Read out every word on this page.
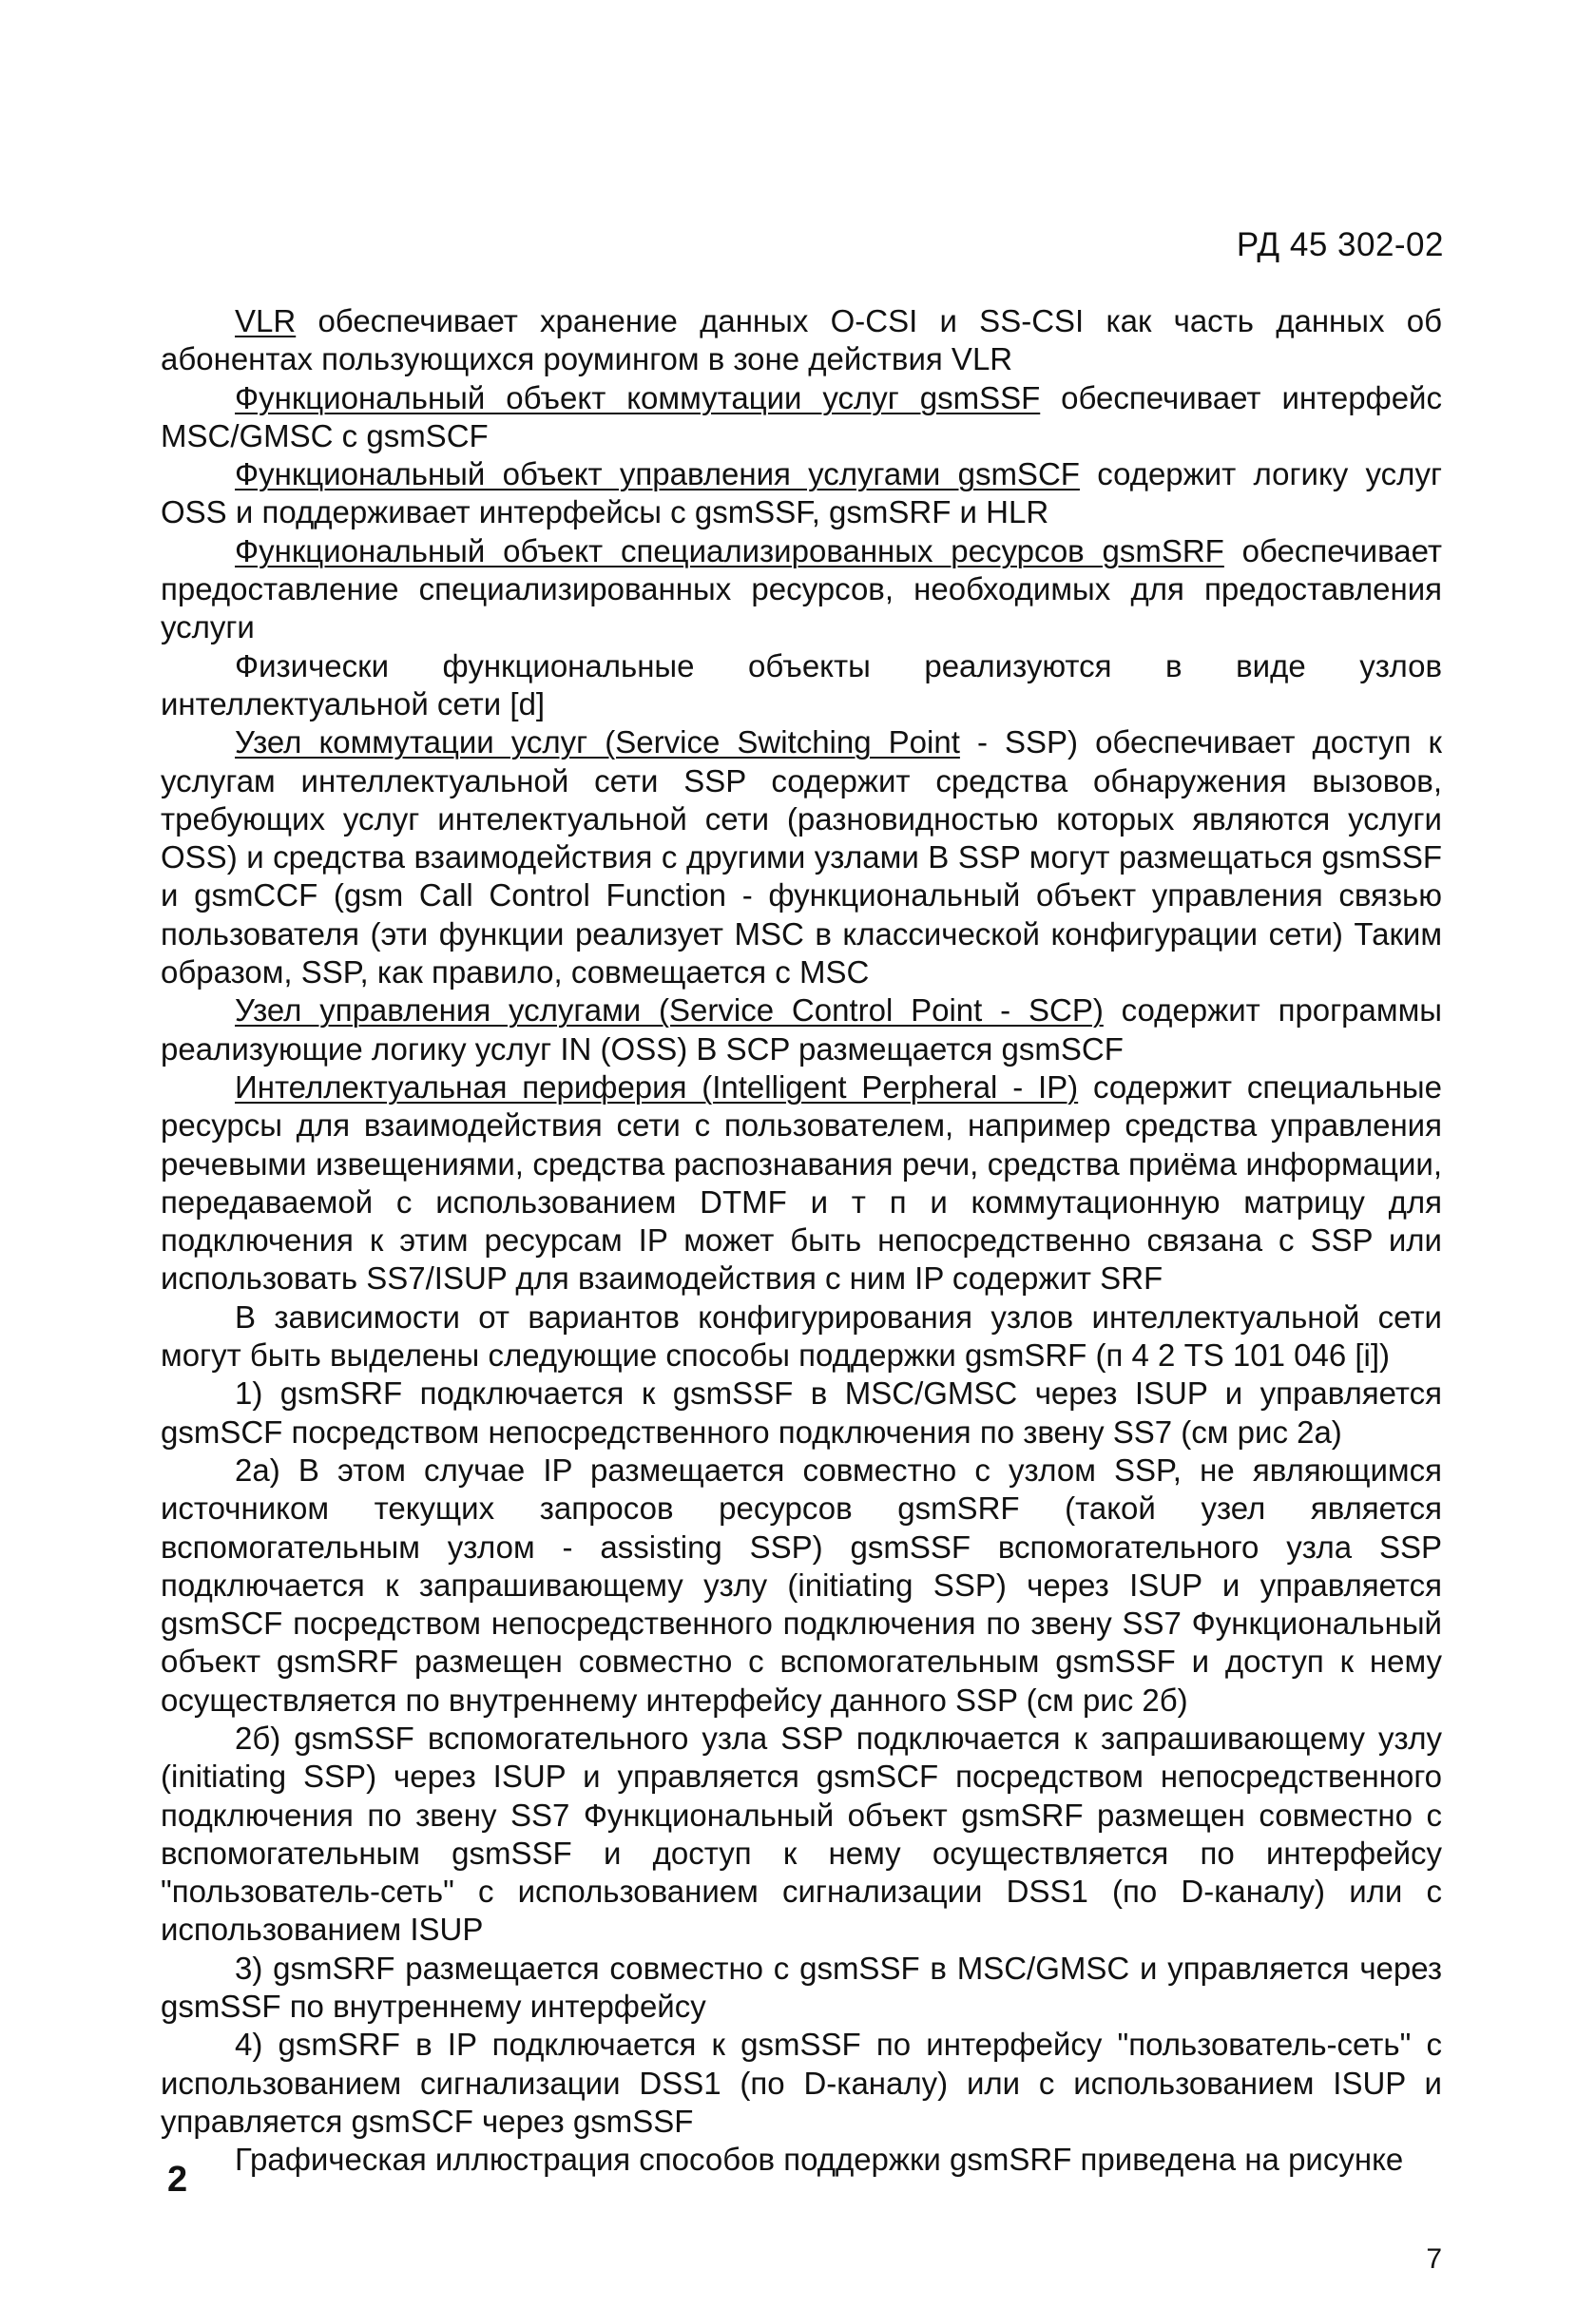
РД 45 302-02

VLR обеспечивает хранение данных O-CSI и SS-CSI как часть данных об абонентах пользующихся роумингом в зоне действия VLR

Функциональный объект коммутации услуг gsmSSF обеспечивает интерфейс MSC/GMSC с gsmSCF

Функциональный объект управления услугами gsmSCF содержит логику услуг OSS и поддерживает интерфейсы с gsmSSF, gsmSRF и HLR

Функциональный объект специализированных ресурсов gsmSRF обеспечивает предоставление специализированных ресурсов, необходимых для предоставления услуги

Физически функциональные объекты реализуются в виде узлов интеллектуальной сети [d]

Узел коммутации услуг (Service Switching Point - SSP) обеспечивает доступ к услугам интеллектуальной сети SSP содержит средства обнаружения вызовов, требующих услуг интелектуальной сети (разновидностью которых являются услуги OSS) и средства взаимодействия с другими узлами В SSP могут размещаться gsmSSF и gsmCCF (gsm Call Control Function - функциональный объект управления связью пользователя (эти функции реализует MSC в классической конфигурации сети) Таким образом, SSP, как правило, совмещается с MSC

Узел управления услугами (Service Control Point - SCP) содержит программы реализующие логику услуг IN (OSS) В SCP размещается gsmSCF

Интеллектуальная периферия (Intelligent Perpheral - IP) содержит специальные ресурсы для взаимодействия сети с пользователем, например средства управления речевыми извещениями, средства распознавания речи, средства приёма информации, передаваемой с использованием DTMF и т п и коммутационную матрицу для подключения к этим ресурсам IP может быть непосредственно связана с SSP или использовать SS7/ISUP для взаимодействия с ним IP содержит SRF

В зависимости от вариантов конфигурирования узлов интеллектуальной сети могут быть выделены следующие способы поддержки gsmSRF (п 4 2 TS 101 046 [i])

1) gsmSRF подключается к gsmSSF в MSC/GMSC через ISUP и управляется gsmSCF посредством непосредственного подключения по звену SS7 (см рис 2а)

2а) В этом случае IP размещается совместно с узлом SSP, не являющимся источником текущих запросов ресурсов gsmSRF (такой узел является вспомогательным узлом - assisting SSP) gsmSSF вспомогательного узла SSP подключается к запрашивающему узлу (initiating SSP) через ISUP и управляется gsmSCF посредством непосредственного подключения по звену SS7 Функциональный объект gsmSRF размещен совместно с вспомогательным gsmSSF и доступ к нему осуществляется по внутреннему интерфейсу данного SSP (см рис 2б)

2б) gsmSSF вспомогательного узла SSP подключается к запрашивающему узлу (initiating SSP) через ISUP и управляется gsmSCF посредством непосредственного подключения по звену SS7 Функциональный объект gsmSRF размещен совместно с вспомогательным gsmSSF и доступ к нему осуществляется по интерфейсу "пользователь-сеть" с использованием сигнализации DSS1 (по D-каналу) или с использованием ISUP

3) gsmSRF размещается совместно с gsmSSF в MSC/GMSC и управляется через gsmSSF по внутреннему интерфейсу

4) gsmSRF в IP подключается к gsmSSF по интерфейсу "пользователь-сеть" с использованием сигнализации DSS1 (по D-каналу) или с использованием ISUP и управляется gsmSCF через gsmSSF

Графическая иллюстрация способов поддержки gsmSRF приведена на рисунке

2
7
